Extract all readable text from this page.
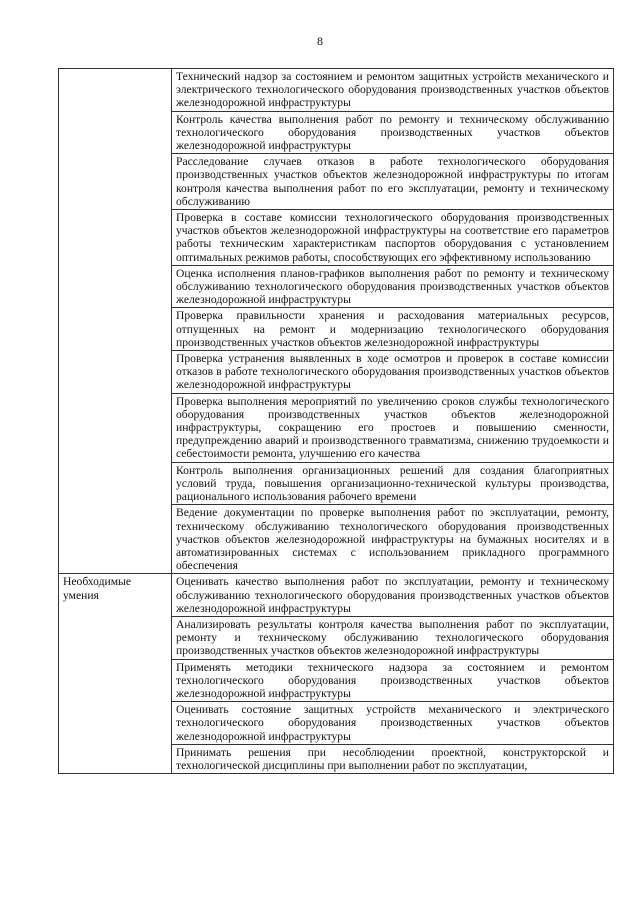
8
	Технический надзор за состоянием и ремонтом защитных устройств механического и электрического технологического оборудования производственных участков объектов железнодорожной инфраструктуры
	Контроль качества выполнения работ по ремонту и техническому обслуживанию технологического оборудования производственных участков объектов железнодорожной инфраструктуры
	Расследование случаев отказов в работе технологического оборудования производственных участков объектов железнодорожной инфраструктуры по итогам контроля качества выполнения работ по его эксплуатации, ремонту и техническому обслуживанию
	Проверка в составе комиссии технологического оборудования производственных участков объектов железнодорожной инфраструктуры на соответствие его параметров работы техническим характеристикам паспортов оборудования с установлением оптимальных режимов работы, способствующих его эффективному использованию
	Оценка исполнения планов-графиков выполнения работ по ремонту и техническому обслуживанию технологического оборудования производственных участков объектов железнодорожной инфраструктуры
	Проверка правильности хранения и расходования материальных ресурсов, отпущенных на ремонт и модернизацию технологического оборудования производственных участков объектов железнодорожной инфраструктуры
	Проверка устранения выявленных в ходе осмотров и проверок в составе комиссии отказов в работе технологического оборудования производственных участков объектов железнодорожной инфраструктуры
	Проверка выполнения мероприятий по увеличению сроков службы технологического оборудования производственных участков объектов железнодорожной инфраструктуры, сокращению его простоев и повышению сменности, предупреждению аварий и производственного травматизма, снижению трудоемкости и себестоимости ремонта, улучшению его качества
	Контроль выполнения организационных решений для создания благоприятных условий труда, повышения организационно-технической культуры производства, рационального использования рабочего времени
	Ведение документации по проверке выполнения работ по эксплуатации, ремонту, техническому обслуживанию технологического оборудования производственных участков объектов железнодорожной инфраструктуры на бумажных носителях и в автоматизированных системах с использованием прикладного программного обеспечения
Необходимые умения	Оценивать качество выполнения работ по эксплуатации, ремонту и техническому обслуживанию технологического оборудования производственных участков объектов железнодорожной инфраструктуры
	Анализировать результаты контроля качества выполнения работ по эксплуатации, ремонту и техническому обслуживанию технологического оборудования производственных участков объектов железнодорожной инфраструктуры
	Применять методики технического надзора за состоянием и ремонтом технологического оборудования производственных участков объектов железнодорожной инфраструктуры
	Оценивать состояние защитных устройств механического и электрического технологического оборудования производственных участков объектов железнодорожной инфраструктуры
	Принимать решения при несоблюдении проектной, конструкторской и технологической дисциплины при выполнении работ по эксплуатации,
